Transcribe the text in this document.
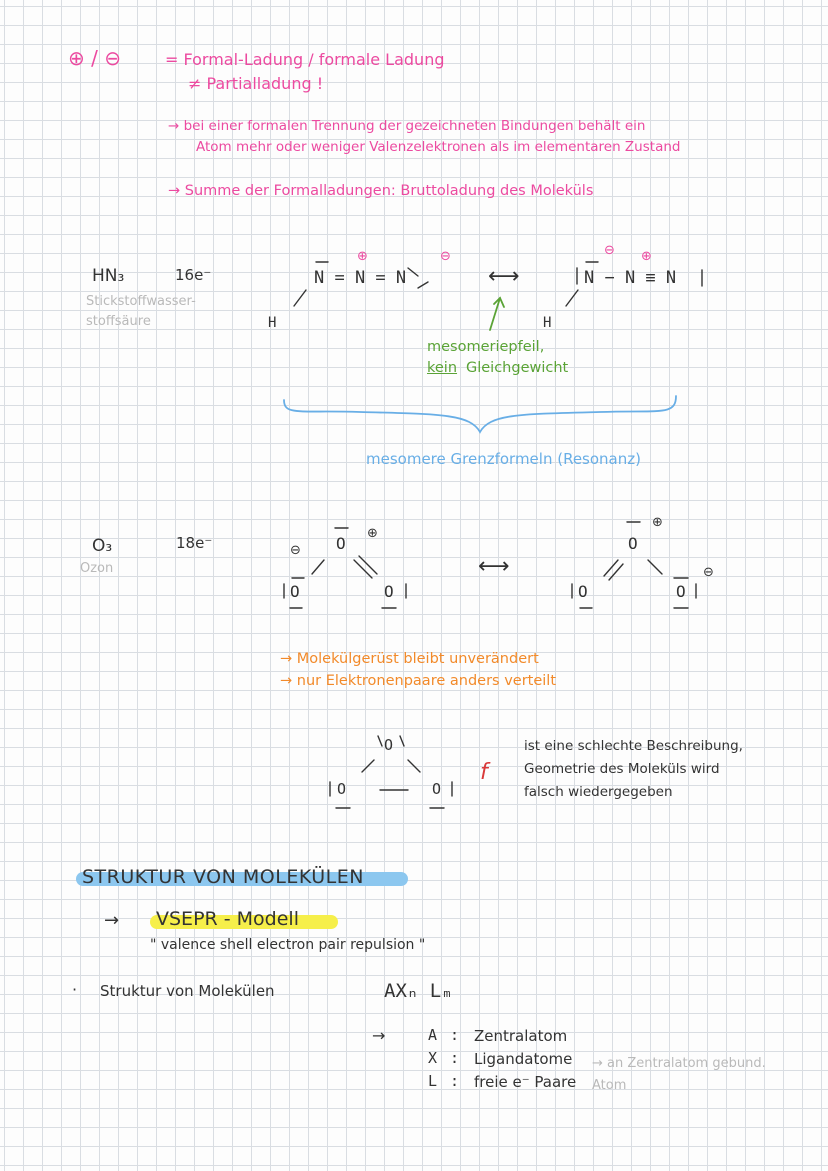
⊕ / ⊖	= Formal-Ladung / formale Ladung
≠ Partialladung !
→ bei einer formalen Trennung der gezeichneten Bindungen behält ein
Atom mehr oder weniger Valenzelektronen als im elementaren Zustand
→ Summe der Formalladungen: Bruttoladung des Moleküls
HN₃	16e⁻
Stickstoffwasser-
stoffsäure
N = N = N
H
⊕	⊖
⟷	N − N ≡ N
H
⊖ ⊕
mesomeriepfeil,
kein Gleichgewicht
mesomere Grenzformeln (Resonanz)
O₃	18e⁻
Ozon
O
O	O
⊖
⊕
⟷
O
O	O
⊕
⊖
→ Molekülgerüst bleibt unverändert
→ nur Elektronenpaare anders verteilt
O
O	O
f
ist eine schlechte Beschreibung,
Geometrie des Moleküls wird
falsch wiedergegeben
STRUKTUR VON MOLEKÜLEN
→ VSEPR - Modell
" valence shell electron pair repulsion "
· Struktur von Molekülen	AXₙ Lₘ
→	A : Zentralatom
X : Ligandatome → an Zentralatom gebund. Atom
L : freie e⁻ Paare
